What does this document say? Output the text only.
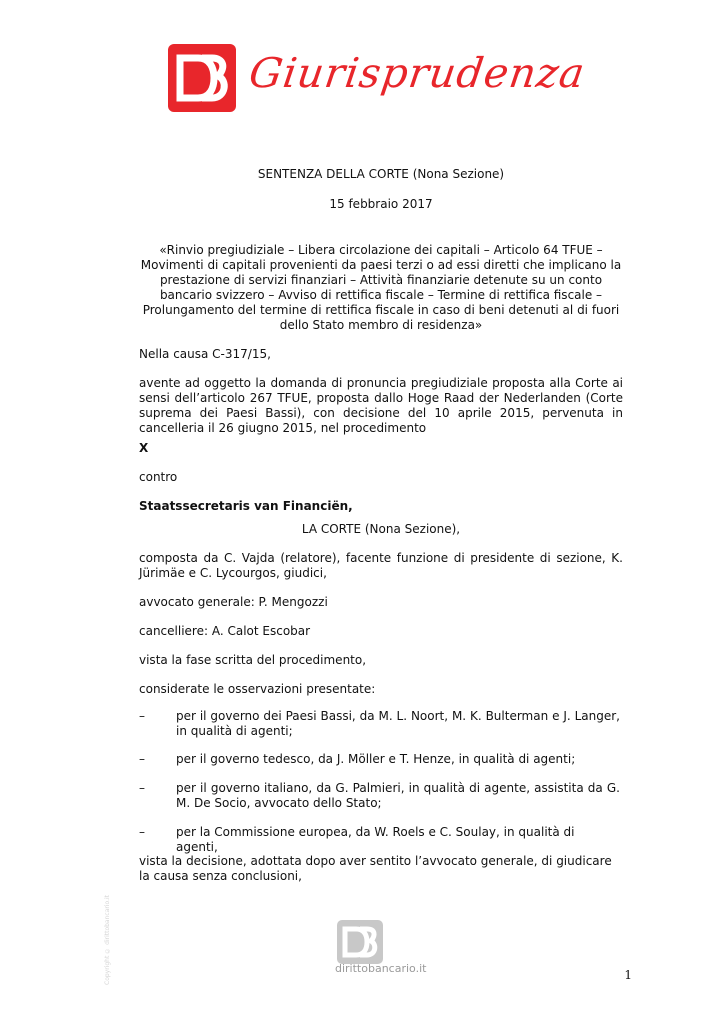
Giurisprudenza
SENTENZA DELLA CORTE (Nona Sezione)
15 febbraio 2017
«Rinvio pregiudiziale – Libera circolazione dei capitali – Articolo 64 TFUE – Movimenti di capitali provenienti da paesi terzi o ad essi diretti che implicano la prestazione di servizi finanziari – Attività finanziarie detenute su un conto bancario svizzero – Avviso di rettifica fiscale – Termine di rettifica fiscale – Prolungamento del termine di rettifica fiscale in caso di beni detenuti al di fuori dello Stato membro di residenza»
Nella causa C-317/15,
avente ad oggetto la domanda di pronuncia pregiudiziale proposta alla Corte ai sensi dell’articolo 267 TFUE, proposta dallo Hoge Raad der Nederlanden (Corte suprema dei Paesi Bassi), con decisione del 10 aprile 2015, pervenuta in cancelleria il 26 giugno 2015, nel procedimento
X
contro
Staatssecretaris van Financiën,
LA CORTE (Nona Sezione),
composta da C. Vajda (relatore), facente funzione di presidente di sezione, K. Jürimäe e C. Lycourgos, giudici,
avvocato generale: P. Mengozzi
cancelliere: A. Calot Escobar
vista la fase scritta del procedimento,
considerate le osservazioni presentate:
–	per il governo dei Paesi Bassi, da M. L. Noort, M. K. Bulterman e J. Langer, in qualità di agenti;
–	per il governo tedesco, da J. Möller e T. Henze, in qualità di agenti;
–	per il governo italiano, da G. Palmieri, in qualità di agente, assistita da G. M. De Socio, avvocato dello Stato;
–	per la Commissione europea, da W. Roels e C. Soulay, in qualità di agenti,
vista la decisione, adottata dopo aver sentito l’avvocato generale, di giudicare la causa senza conclusioni,
Copyright © dirittobancario.it	dirittobancario.it	1
